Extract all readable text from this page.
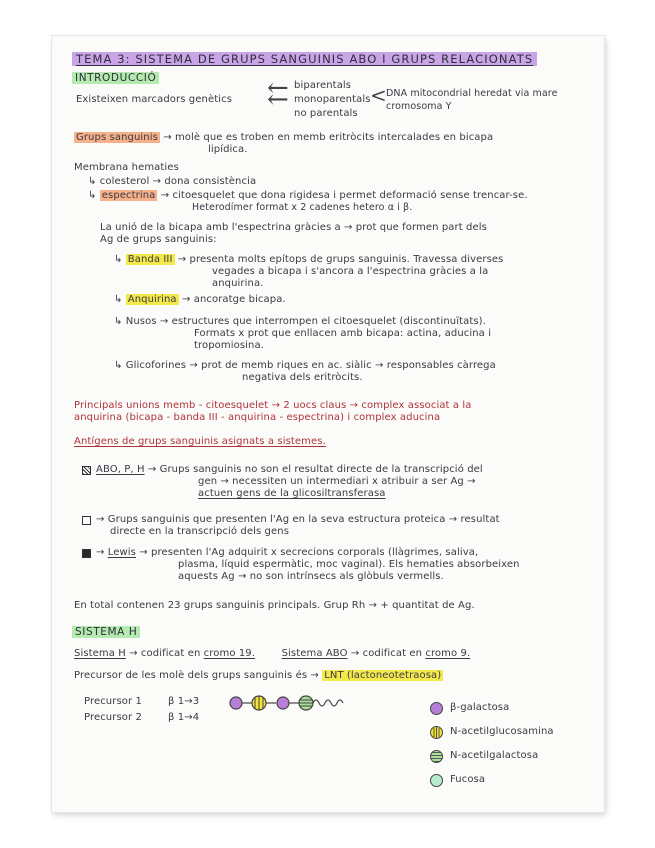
TEMA 3: SISTEMA DE GRUPS SANGUINIS ABO I GRUPS RELACIONATS
INTRODUCCIÓ
Existeixen marcadors genètics ⇇ biparentals
monoparentals
no parentals
< DNA mitocondrial heredat via mare
cromosoma Y
Grups sanguinis → molè que es troben en memb eritròcits intercalades en bicapa
lipídica.
Membrana hematies
↳ colesterol → dona consistència
↳ espectrina → citoesquelet que dona rigidesa i permet deformació sense trencar-se.
Heterodímer format x 2 cadenes hetero α i β.
La unió de la bicapa amb l'espectrina gràcies a → prot que formen part dels
Ag de grups sanguinis:
↳ Banda III → presenta molts epítops de grups sanguinis. Travessa diverses
vegades a bicapa i s'ancora a l'espectrina gràcies a la
anquirina.
↳ Anquirina → ancoratge bicapa.
↳ Nusos → estructures que interrompen el citoesquelet (discontinuïtats).
Formats x prot que enllacen amb bicapa: actina, aducina i
tropomiosina.
↳ Glicoforines → prot de memb riques en ac. siàlic → responsables càrrega
negativa dels eritròcits.
Principals unions memb - citoesquelet → 2 uocs claus → complex associat a la
anquirina (bicapa - banda III - anquirina - espectrina) i complex aducina
Antígens de grups sanguinis asignats a sistemes.
ABO, P, H → Grups sanguinis no son el resultat directe de la transcripció del
gen → necessiten un intermediari x atribuir a ser Ag →
actuen gens de la glicosiltransferasa
→ Grups sanguinis que presenten l'Ag en la seva estructura proteica → resultat
directe en la transcripció dels gens
→ Lewis → presenten l'Ag adquirit x secrecions corporals (llàgrimes, saliva,
plasma, líquid espermàtic, moc vaginal). Els hematies absorbeixen
aquests Ag → no son intrínsecs als glòbuls vermells.
En total contenen 23 grups sanguinis principals. Grup Rh → + quantitat de Ag.
SISTEMA H
Sistema H → codificat en cromo 19.	Sistema ABO → codificat en cromo 9.
Precursor de les molè dels grups sanguinis és → LNT (lactoneotetraosa)
Precursor 1	β 1→3
Precursor 2	β 1→4
β-galactosa
N-acetilglucosamina
N-acetilgalactosa
Fucosa
